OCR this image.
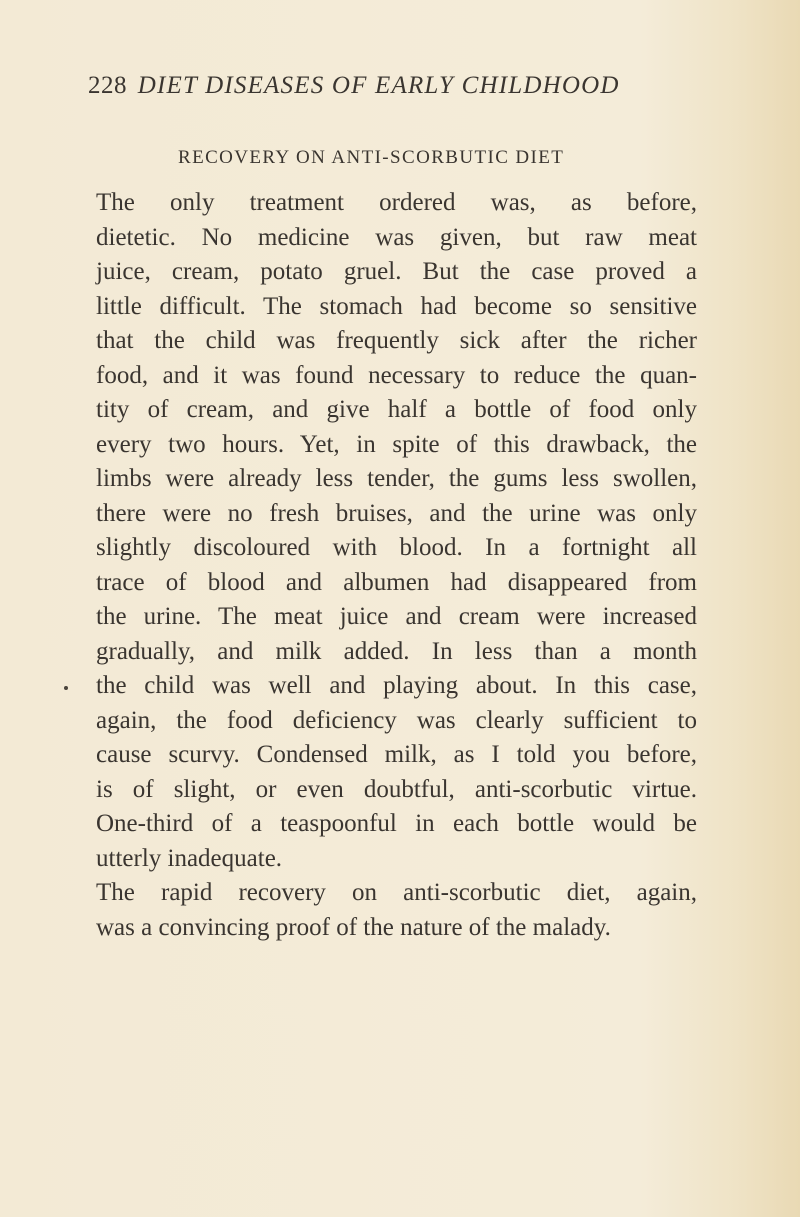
228 DIET DISEASES OF EARLY CHILDHOOD
RECOVERY ON ANTI-SCORBUTIC DIET
The only treatment ordered was, as before,
dietetic. No medicine was given, but raw meat
juice, cream, potato gruel. But the case proved a
little difficult. The stomach had become so sensitive
that the child was frequently sick after the richer
food, and it was found necessary to reduce the quan-
tity of cream, and give half a bottle of food only
every two hours. Yet, in spite of this drawback, the
limbs were already less tender, the gums less swollen,
there were no fresh bruises, and the urine was only
slightly discoloured with blood. In a fortnight all
trace of blood and albumen had disappeared from
the urine. The meat juice and cream were increased
gradually, and milk added. In less than a month
the child was well and playing about. In this case,
again, the food deficiency was clearly sufficient to
cause scurvy. Condensed milk, as I told you before,
is of slight, or even doubtful, anti-scorbutic virtue.
One-third of a teaspoonful in each bottle would be
utterly inadequate.
The rapid recovery on anti-scorbutic diet, again,
was a convincing proof of the nature of the malady.
